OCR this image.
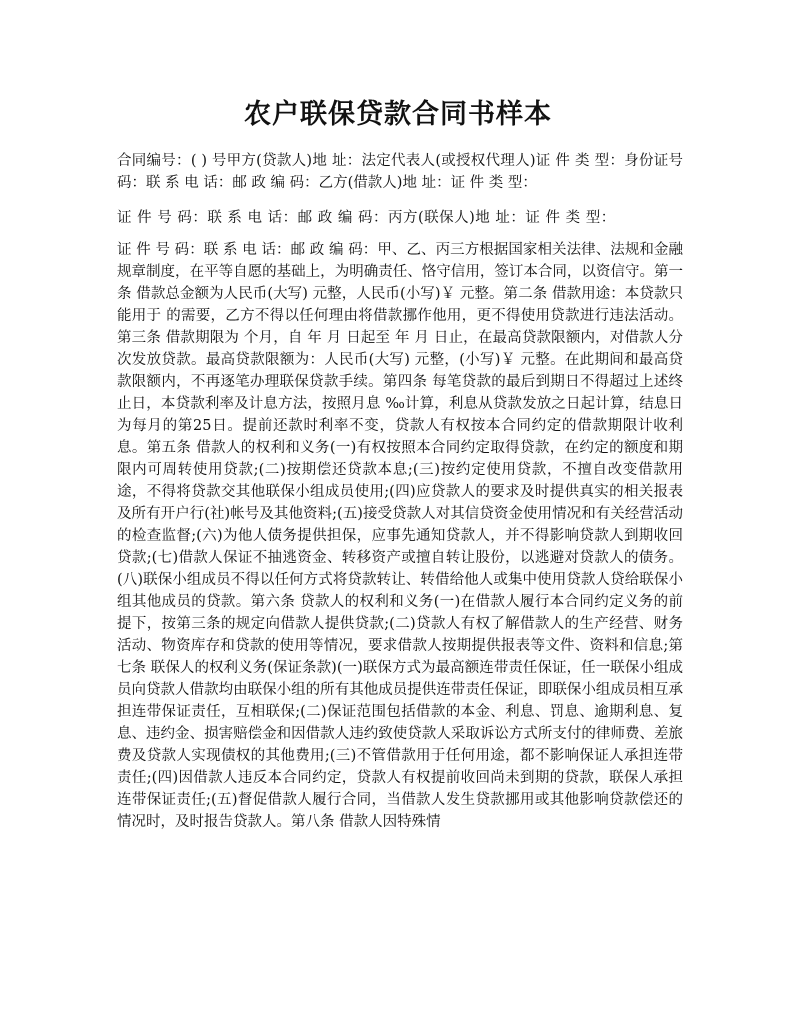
农户联保贷款合同书样本

合同编号：( ) 号甲方(贷款人)地 址：法定代表人(或授权代理人)证 件 类 型：身份证号码：联 系 电 话：邮 政 编 码：乙方(借款人)地 址：证 件 类 型：

证 件 号 码：联 系 电 话：邮 政 编 码：丙方(联保人)地 址：证 件 类 型：

证 件 号 码：联 系 电 话：邮 政 编 码：甲、乙、丙三方根据国家相关法律、法规和金融规章制度，在平等自愿的基础上，为明确责任、恪守信用，签订本合同，以资信守。第一条 借款总金额为人民币(大写) 元整，人民币(小写)￥ 元整。第二条 借款用途：本贷款只能用于 的需要，乙方不得以任何理由将借款挪作他用，更不得使用贷款进行违法活动。第三条 借款期限为 个月，自 年 月 日起至 年 月 日止，在最高贷款限额内，对借款人分次发放贷款。最高贷款限额为：人民币(大写) 元整，(小写)￥ 元整。在此期间和最高贷款限额内，不再逐笔办理联保贷款手续。第四条 每笔贷款的最后到期日不得超过上述终止日，本贷款利率及计息方法，按照月息 ‰计算，利息从贷款发放之日起计算，结息日为每月的第25日。提前还款时利率不变，贷款人有权按本合同约定的借款期限计收利息。第五条 借款人的权利和义务(一)有权按照本合同约定取得贷款，在约定的额度和期限内可周转使用贷款;(二)按期偿还贷款本息;(三)按约定使用贷款，不擅自改变借款用途，不得将贷款交其他联保小组成员使用;(四)应贷款人的要求及时提供真实的相关报表及所有开户行(社)帐号及其他资料;(五)接受贷款人对其信贷资金使用情况和有关经营活动的检查监督;(六)为他人债务提供担保，应事先通知贷款人，并不得影响贷款人到期收回贷款;(七)借款人保证不抽逃资金、转移资产或擅自转让股份，以逃避对贷款人的债务。(八)联保小组成员不得以任何方式将贷款转让、转借给他人或集中使用贷款人贷给联保小组其他成员的贷款。第六条 贷款人的权利和义务(一)在借款人履行本合同约定义务的前提下，按第三条的规定向借款人提供贷款;(二)贷款人有权了解借款人的生产经营、财务活动、物资库存和贷款的使用等情况，要求借款人按期提供报表等文件、资料和信息;第七条 联保人的权利义务(保证条款)(一)联保方式为最高额连带责任保证，任一联保小组成员向贷款人借款均由联保小组的所有其他成员提供连带责任保证，即联保小组成员相互承担连带保证责任，互相联保;(二)保证范围包括借款的本金、利息、罚息、逾期利息、复息、违约金、损害赔偿金和因借款人违约致使贷款人采取诉讼方式所支付的律师费、差旅费及贷款人实现债权的其他费用;(三)不管借款用于任何用途，都不影响保证人承担连带责任;(四)因借款人违反本合同约定，贷款人有权提前收回尚未到期的贷款，联保人承担连带保证责任;(五)督促借款人履行合同，当借款人发生贷款挪用或其他影响贷款偿还的情况时，及时报告贷款人。第八条 借款人因特殊情
